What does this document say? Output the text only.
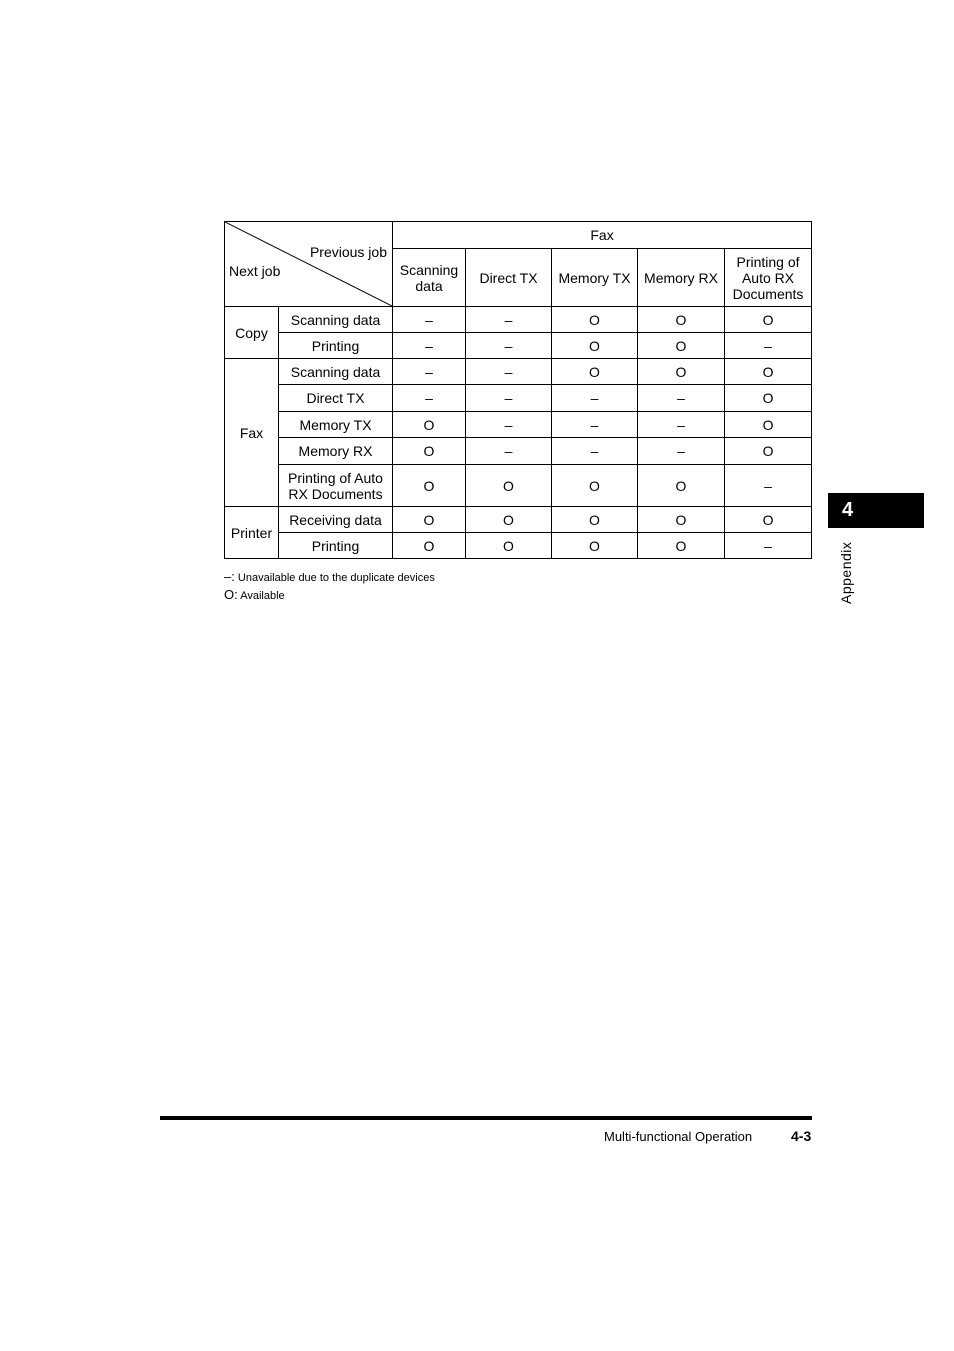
Previous job
Next job		Fax				
		Scanning data	Direct TX	Memory TX	Memory RX	Printing of Auto RX Documents
Copy	Scanning data	–	–	O	O	O
	Printing	–	–	O	O	–
Fax	Scanning data	–	–	O	O	O
	Direct TX	–	–	–	–	O
	Memory TX	O	–	–	–	O
	Memory RX	O	–	–	–	O
	Printing of Auto RX Documents	O	O	O	O	–
Printer	Receiving data	O	O	O	O	O
	Printing	O	O	O	O	–
–: Unavailable due to the duplicate devices
O: Available
4
Appendix
Multi-functional Operation	4-3
